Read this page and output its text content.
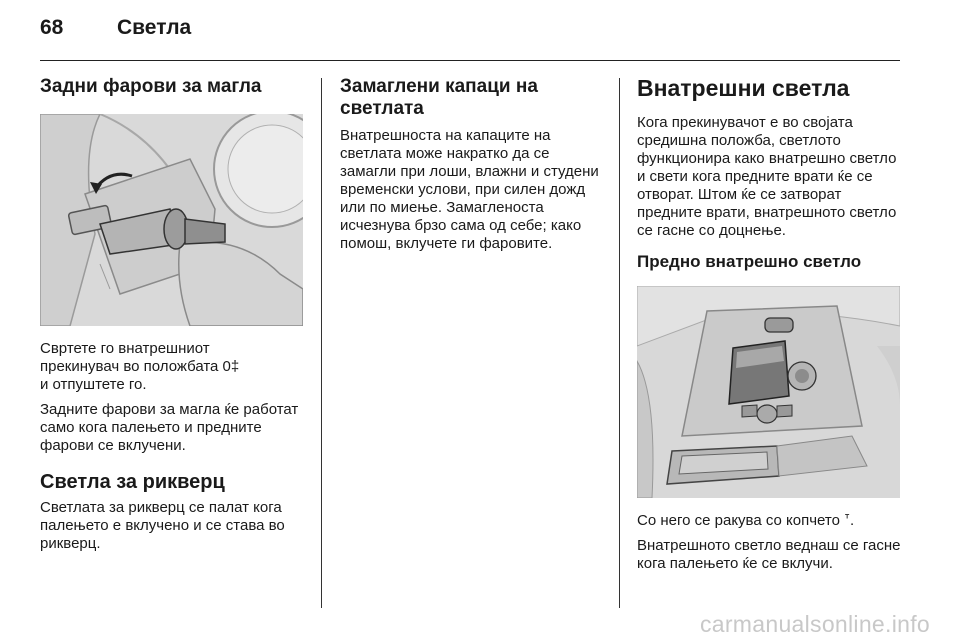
68	Светла
Задни фарови за магла

Свртете го внатрешниот
прекинувач во положбата 0‡
и отпуштете го.

Задните фарови за магла ќе работат само кога палењето и предните фарови се вклучени.

Светла за рикверц

Светлата за рикверц се палат кога палењето е вклучено и се става во рикверц.

Замаглени капаци на светлата

Внатрешноста на капаците на светлата може накратко да се замагли при лоши, влажни и студени временски услови, при силен дожд или по миење. Замагленоста исчезнува брзо сама од себе; како помош, вклучете ги фаровите.

Внатрешни светла

Кога прекинувачот е во својата средишна положба, светлото функционира како внатрешно светло и свети кога предните врати ќе се отворат. Штом ќе се затворат предните врати, внатрешното светло се гасне со доцнење.

Предно внатрешно светло

Со него се ракува со копчето ᐪ.

Внатрешното светло веднаш се гасне кога палењето ќе се вклучи.

carmanualsonline.info
